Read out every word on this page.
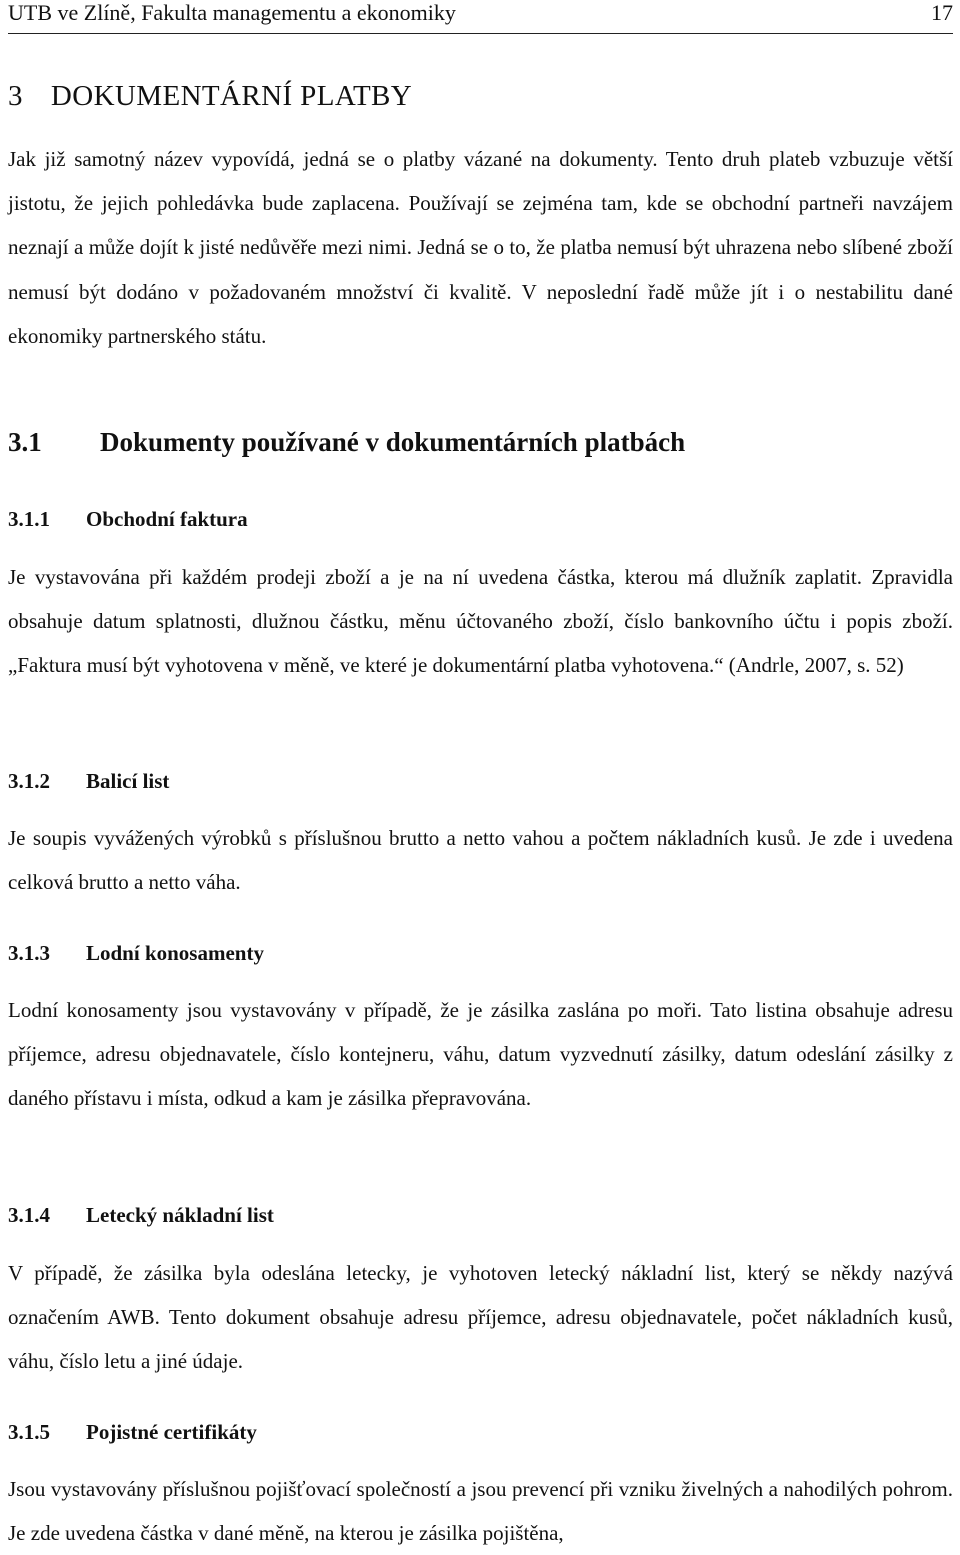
UTB ve Zlíně, Fakulta managementu a ekonomiky	17
3 DOKUMENTÁRNÍ PLATBY

Jak již samotný název vypovídá, jedná se o platby vázané na dokumenty. Tento druh plateb vzbuzuje větší jistotu, že jejich pohledávka bude zaplacena. Používají se zejména tam, kde se obchodní partneři navzájem neznají a může dojít k jisté nedůvěře mezi nimi. Jedná se o to, že platba nemusí být uhrazena nebo slíbené zboží nemusí být dodáno v požadovaném množství či kvalitě. V neposlední řadě může jít i o nestabilitu dané ekonomiky partnerského státu.

3.1 Dokumenty používané v dokumentárních platbách
3.1.1 Obchodní faktura

Je vystavována při každém prodeji zboží a je na ní uvedena částka, kterou má dlužník zaplatit. Zpravidla obsahuje datum splatnosti, dlužnou částku, měnu účtovaného zboží, číslo bankovního účtu i popis zboží. „Faktura musí být vyhotovena v měně, ve které je dokumentární platba vyhotovena.“ (Andrle, 2007, s. 52)

3.1.2 Balicí list

Je soupis vyvážených výrobků s příslušnou brutto a netto vahou a počtem nákladních kusů. Je zde i uvedena celková brutto a netto váha.

3.1.3 Lodní konosamenty

Lodní konosamenty jsou vystavovány v případě, že je zásilka zaslána po moři. Tato listina obsahuje adresu příjemce, adresu objednavatele, číslo kontejneru, váhu, datum vyzvednutí zásilky, datum odeslání zásilky z daného přístavu i místa, odkud a kam je zásilka přepravována.

3.1.4 Letecký nákladní list

V případě, že zásilka byla odeslána letecky, je vyhotoven letecký nákladní list, který se někdy nazývá označením AWB. Tento dokument obsahuje adresu příjemce, adresu objednavatele, počet nákladních kusů, váhu, číslo letu a jiné údaje.

3.1.5 Pojistné certifikáty

Jsou vystavovány příslušnou pojišťovací společností a jsou prevencí při vzniku živelných a nahodilých pohrom. Je zde uvedena částka v dané měně, na kterou je zásilka pojištěna,
